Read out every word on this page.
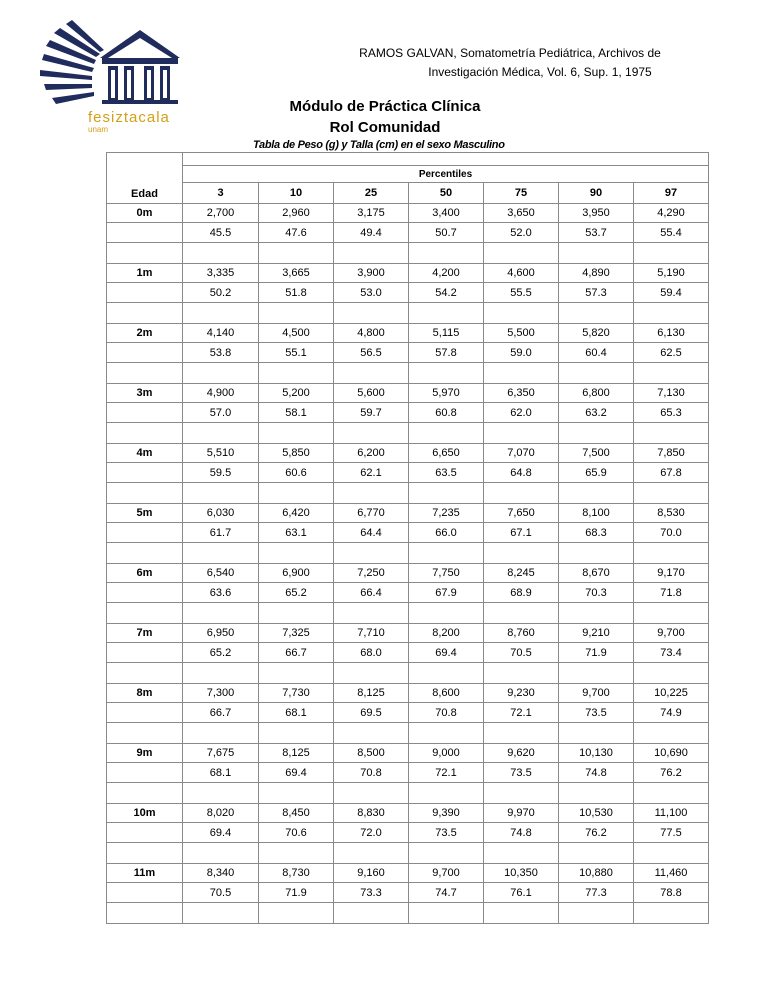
fesiztacala
unam
RAMOS GALVAN, Somatometría Pediátrica, Archivos de
Investigación Médica, Vol. 6, Sup. 1, 1975
Módulo de Práctica Clínica
Rol Comunidad
Tabla de Peso (g) y Talla (cm) en el sexo Masculino
Edad							
	Percentiles						
	3	10	25	50	75	90	97
0m	2,700	2,960	3,175	3,400	3,650	3,950	4,290
	45.5	47.6	49.4	50.7	52.0	53.7	55.4

1m	3,335	3,665	3,900	4,200	4,600	4,890	5,190
	50.2	51.8	53.0	54.2	55.5	57.3	59.4

2m	4,140	4,500	4,800	5,115	5,500	5,820	6,130
	53.8	55.1	56.5	57.8	59.0	60.4	62.5

3m	4,900	5,200	5,600	5,970	6,350	6,800	7,130
	57.0	58.1	59.7	60.8	62.0	63.2	65.3

4m	5,510	5,850	6,200	6,650	7,070	7,500	7,850
	59.5	60.6	62.1	63.5	64.8	65.9	67.8

5m	6,030	6,420	6,770	7,235	7,650	8,100	8,530
	61.7	63.1	64.4	66.0	67.1	68.3	70.0

6m	6,540	6,900	7,250	7,750	8,245	8,670	9,170
	63.6	65.2	66.4	67.9	68.9	70.3	71.8

7m	6,950	7,325	7,710	8,200	8,760	9,210	9,700
	65.2	66.7	68.0	69.4	70.5	71.9	73.4

8m	7,300	7,730	8,125	8,600	9,230	9,700	10,225
	66.7	68.1	69.5	70.8	72.1	73.5	74.9

9m	7,675	8,125	8,500	9,000	9,620	10,130	10,690
	68.1	69.4	70.8	72.1	73.5	74.8	76.2

10m	8,020	8,450	8,830	9,390	9,970	10,530	11,100
	69.4	70.6	72.0	73.5	74.8	76.2	77.5

11m	8,340	8,730	9,160	9,700	10,350	10,880	11,460
	70.5	71.9	73.3	74.7	76.1	77.3	78.8
